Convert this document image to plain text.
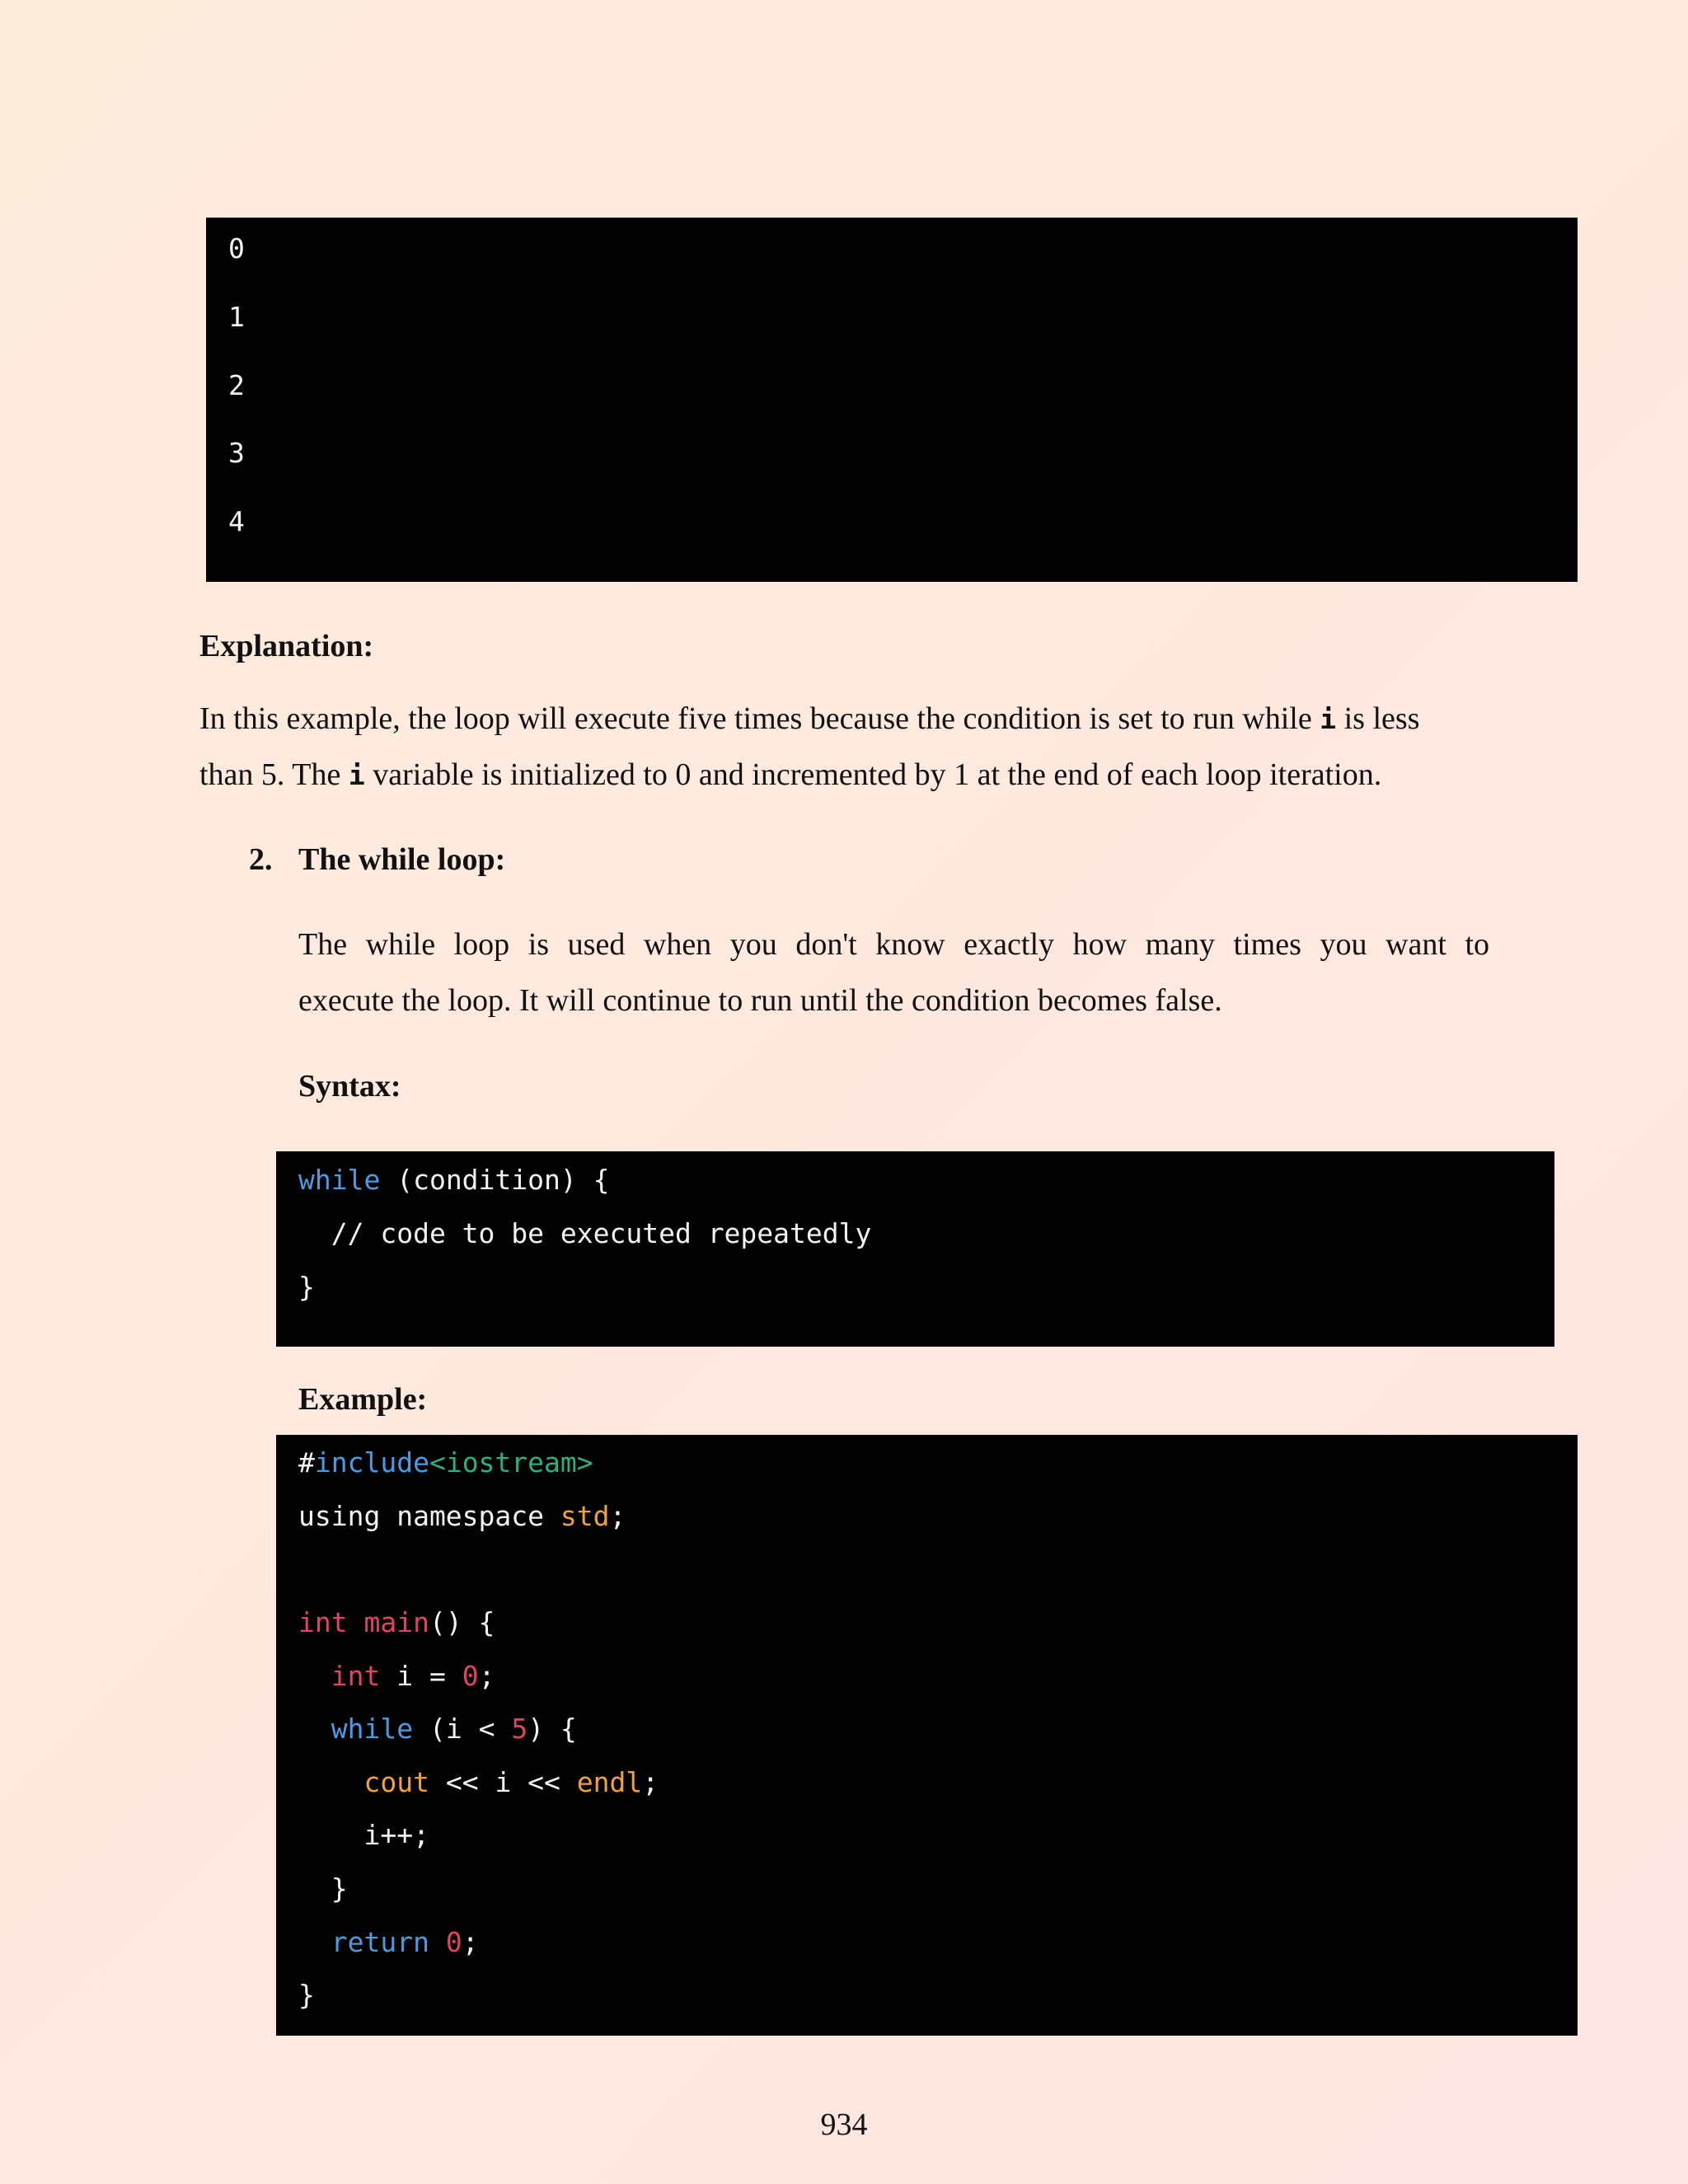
0
1
2
3
4
Explanation:
In this example, the loop will execute five times because the condition is set to run while i is less
than 5. The i variable is initialized to 0 and incremented by 1 at the end of each loop iteration.
2. The while loop:
The while loop is used when you don't know exactly how many times you want to
execute the loop. It will continue to run until the condition becomes false.
Syntax:
while (condition) {
// code to be executed repeatedly
}
Example:
#include<iostream>
using namespace std;
int main() {
int i = 0;
while (i < 5) {
cout << i << endl;
i++;
}
return 0;
}
934
